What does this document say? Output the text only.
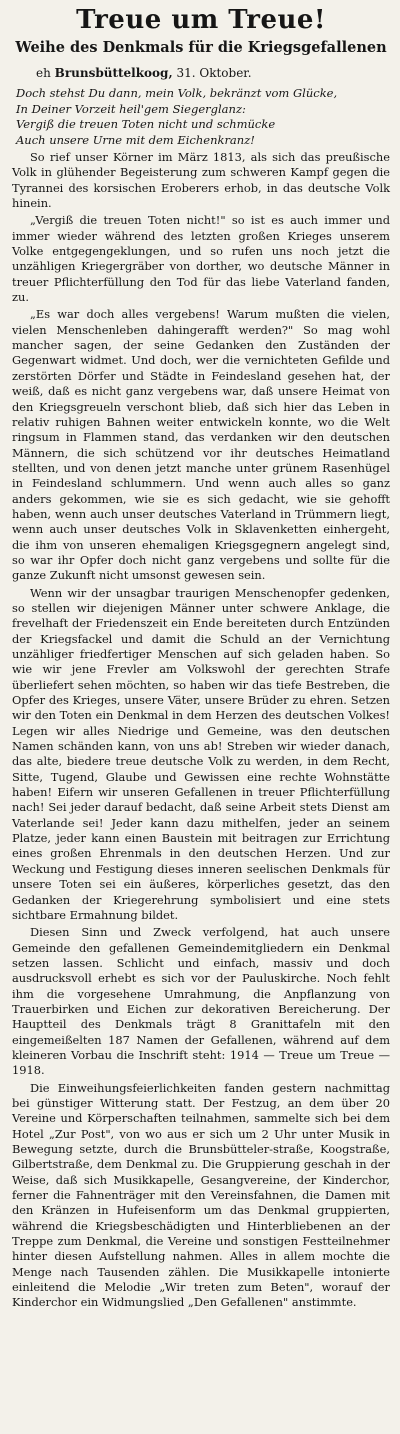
Treue um Treue!
Weihe des Denkmals für die Kriegsgefallenen
eh Brunsbüttelkoog, 31. Oktober.
Doch stehst Du dann, mein Volk, bekränzt vom Glücke,
In Deiner Vorzeit heil'gem Siegerglanz:
Vergiß die treuen Toten nicht und schmücke
Auch unsere Urne mit dem Eichenkranz!

So rief unser Körner im März 1813, als sich das preußische Volk in glühender Begeisterung zum schweren Kampf gegen die Tyrannei des korsischen Eroberers erhob, in das deutsche Volk hinein.

„Vergiß die treuen Toten nicht!" so ist es auch immer und immer wieder während des letzten großen Krieges unserem Volke entgegengeklungen, und so rufen uns noch jetzt die unzähligen Kriegergräber von dorther, wo deutsche Männer in treuer Pflichterfüllung den Tod für das liebe Vaterland fanden, zu.

„Es war doch alles vergebens! Warum mußten die vielen, vielen Menschenleben dahingerafft werden?" So mag wohl mancher sagen, der seine Gedanken den Zuständen der Gegenwart widmet. Und doch, wer die vernichteten Gefilde und zerstörten Dörfer und Städte in Feindesland gesehen hat, der weiß, daß es nicht ganz vergebens war, daß unsere Heimat von den Kriegsgreueln verschont blieb, daß sich hier das Leben in relativ ruhigen Bahnen weiter entwickeln konnte, wo die Welt ringsum in Flammen stand, das verdanken wir den deutschen Männern, die sich schützend vor ihr deutsches Heimatland stellten, und von denen jetzt manche unter grünem Rasenhügel in Feindesland schlummern. Und wenn auch alles so ganz anders gekommen, wie sie es sich gedacht, wie sie gehofft haben, wenn auch unser deutsches Vaterland in Trümmern liegt, wenn auch unser deutsches Volk in Sklavenketten einhergeht, die ihm von unseren ehemaligen Kriegsgegnern angelegt sind, so war ihr Opfer doch nicht ganz vergebens und sollte für die ganze Zukunft nicht umsonst gewesen sein.

Wenn wir der unsagbar traurigen Menschenopfer gedenken, so stellen wir diejenigen Männer unter schwere Anklage, die frevelhaft der Friedenszeit ein Ende bereiteten durch Entzünden der Kriegsfackel und damit die Schuld an der Vernichtung unzähliger friedfertiger Menschen auf sich geladen haben. So wie wir jene Frevler am Volkswohl der gerechten Strafe überliefert sehen möchten, so haben wir das tiefe Bestreben, die Opfer des Krieges, unsere Väter, unsere Brüder zu ehren. Setzen wir den Toten ein Denkmal in dem Herzen des deutschen Volkes! Legen wir alles Niedrige und Gemeine, was den deutschen Namen schänden kann, von uns ab! Streben wir wieder danach, das alte, biedere treue deutsche Volk zu werden, in dem Recht, Sitte, Tugend, Glaube und Gewissen eine rechte Wohnstätte haben! Eifern wir unseren Gefallenen in treuer Pflichterfüllung nach! Sei jeder darauf bedacht, daß seine Arbeit stets Dienst am Vaterlande sei! Jeder kann dazu mithelfen, jeder an seinem Platze, jeder kann einen Baustein mit beitragen zur Errichtung eines großen Ehrenmals in den deutschen Herzen. Und zur Weckung und Festigung dieses inneren seelischen Denkmals für unsere Toten sei ein äußeres, körperliches gesetzt, das den Gedanken der Kriegerehrung symbolisiert und eine stets sichtbare Ermahnung bildet.

Diesen Sinn und Zweck verfolgend, hat auch unsere Gemeinde den gefallenen Gemeindemitgliedern ein Denkmal setzen lassen. Schlicht und einfach, massiv und doch ausdrucksvoll erhebt es sich vor der Pauluskirche. Noch fehlt ihm die vorgesehene Umrahmung, die Anpflanzung von Trauerbirken und Eichen zur dekorativen Bereicherung. Der Hauptteil des Denkmals trägt 8 Granittafeln mit den eingemeißelten 187 Namen der Gefallenen, während auf dem kleineren Vorbau die Inschrift steht: 1914 — Treue um Treue — 1918.

Die Einweihungsfeierlichkeiten fanden gestern nachmittag bei günstiger Witterung statt. Der Festzug, an dem über 20 Vereine und Körperschaften teilnahmen, sammelte sich bei dem Hotel „Zur Post", von wo aus er sich um 2 Uhr unter Musik in Bewegung setzte, durch die Brunsbütteler-straße, Koogstraße, Gilbertstraße, dem Denkmal zu. Die Gruppierung geschah in der Weise, daß sich Musikkapelle, Gesangvereine, der Kinderchor, ferner die Fahnenträger mit den Vereinsfahnen, die Damen mit den Kränzen in Hufeisenform um das Denkmal gruppierten, während die Kriegsbeschädigten und Hinterbliebenen an der Treppe zum Denkmal, die Vereine und sonstigen Festteilnehmer hinter diesen Aufstellung nahmen. Alles in allem mochte die Menge nach Tausenden zählen. Die Musikkapelle intonierte einleitend die Melodie „Wir treten zum Beten", worauf der Kinderchor ein Widmungslied „Den Gefallenen" anstimmte.
